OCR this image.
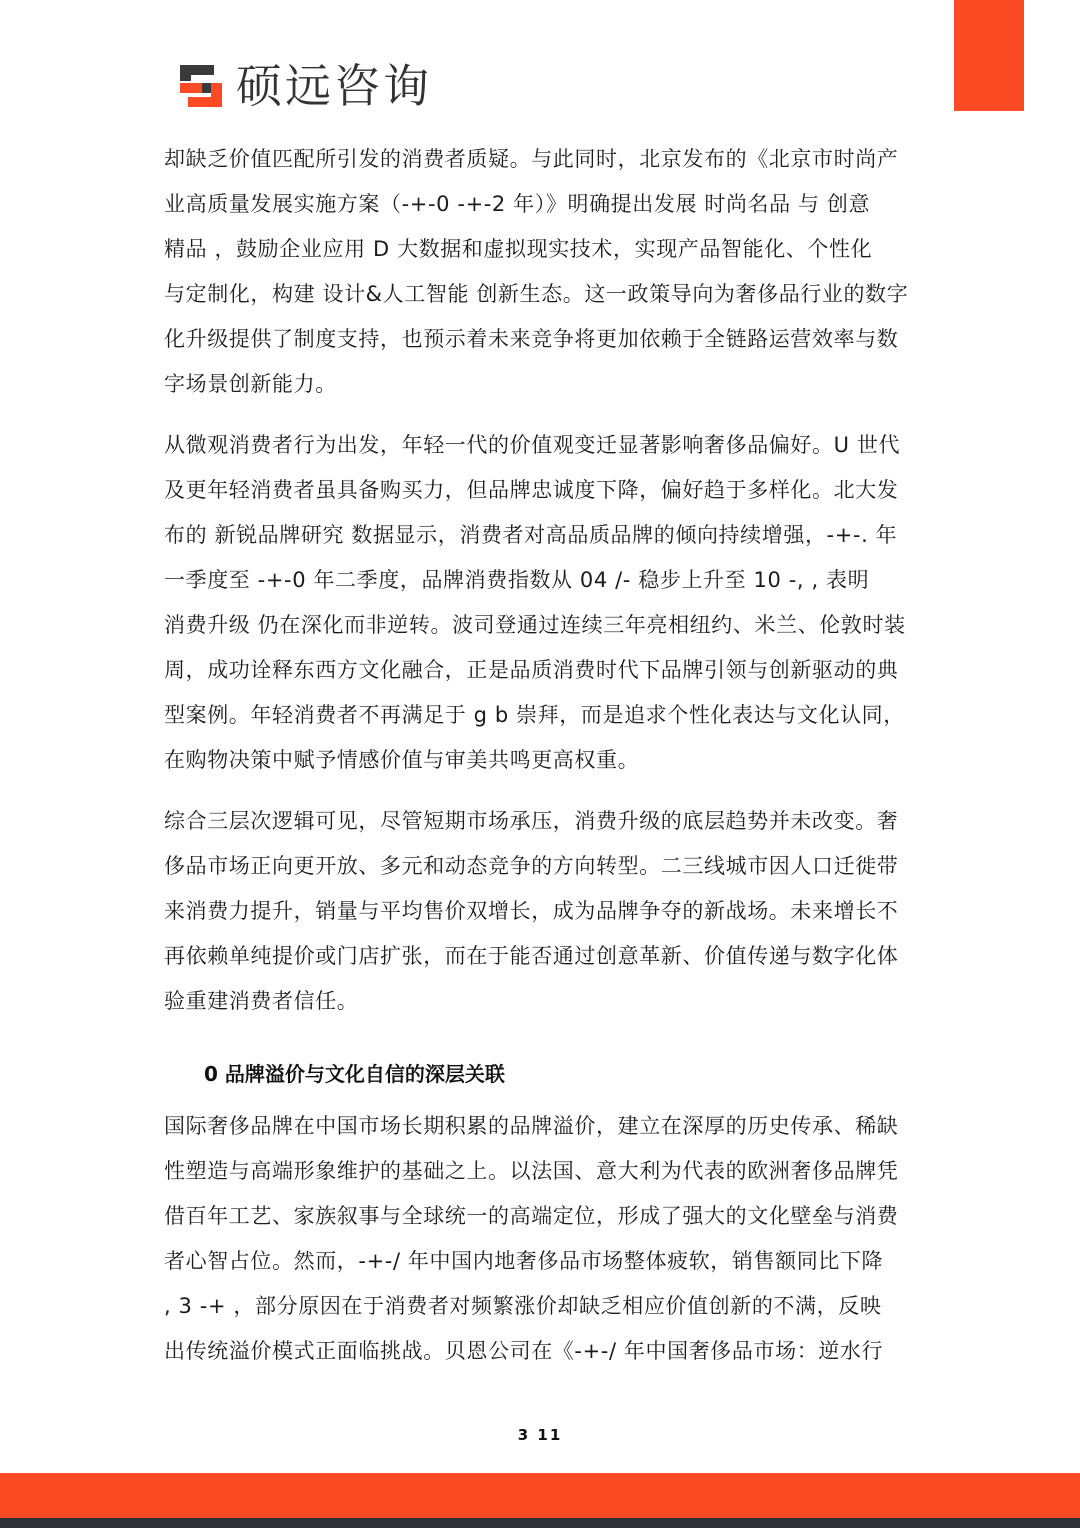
硕远咨询

却缺乏价值匹配所引发的消费者质疑。与此同时，北京发布的《北京市时尚产
业高质量发展实施方案（-+-0 -+-2 年）》明确提出发展 时尚名品 与 创意
精品 ，鼓励企业应用 D 大数据和虚拟现实技术，实现产品智能化、个性化
与定制化，构建 设计&人工智能 创新生态。这一政策导向为奢侈品行业的数字
化升级提供了制度支持，也预示着未来竞争将更加依赖于全链路运营效率与数
字场景创新能力。

从微观消费者行为出发，年轻一代的价值观变迁显著影响奢侈品偏好。U 世代
及更年轻消费者虽具备购买力，但品牌忠诚度下降，偏好趋于多样化。北大发
布的 新锐品牌研究 数据显示，消费者对高品质品牌的倾向持续增强，-+-. 年
一季度至 -+-0 年二季度，品牌消费指数从 04 /- 稳步上升至 10 -, , 表明
消费升级 仍在深化而非逆转。波司登通过连续三年亮相纽约、米兰、伦敦时装
周，成功诠释东西方文化融合，正是品质消费时代下品牌引领与创新驱动的典
型案例。年轻消费者不再满足于 g b 崇拜，而是追求个性化表达与文化认同，
在购物决策中赋予情感价值与审美共鸣更高权重。

综合三层次逻辑可见，尽管短期市场承压，消费升级的底层趋势并未改变。奢
侈品市场正向更开放、多元和动态竞争的方向转型。二三线城市因人口迁徙带
来消费力提升，销量与平均售价双增长，成为品牌争夺的新战场。未来增长不
再依赖单纯提价或门店扩张，而在于能否通过创意革新、价值传递与数字化体
验重建消费者信任。

0 品牌溢价与文化自信的深层关联

国际奢侈品牌在中国市场长期积累的品牌溢价，建立在深厚的历史传承、稀缺
性塑造与高端形象维护的基础之上。以法国、意大利为代表的欧洲奢侈品牌凭
借百年工艺、家族叙事与全球统一的高端定位，形成了强大的文化壁垒与消费
者心智占位。然而，-+-/ 年中国内地奢侈品市场整体疲软，销售额同比下降
, 3 -+ ，部分原因在于消费者对频繁涨价却缺乏相应价值创新的不满，反映
出传统溢价模式正面临挑战。贝恩公司在《-+-/ 年中国奢侈品市场：逆水行

3 11
